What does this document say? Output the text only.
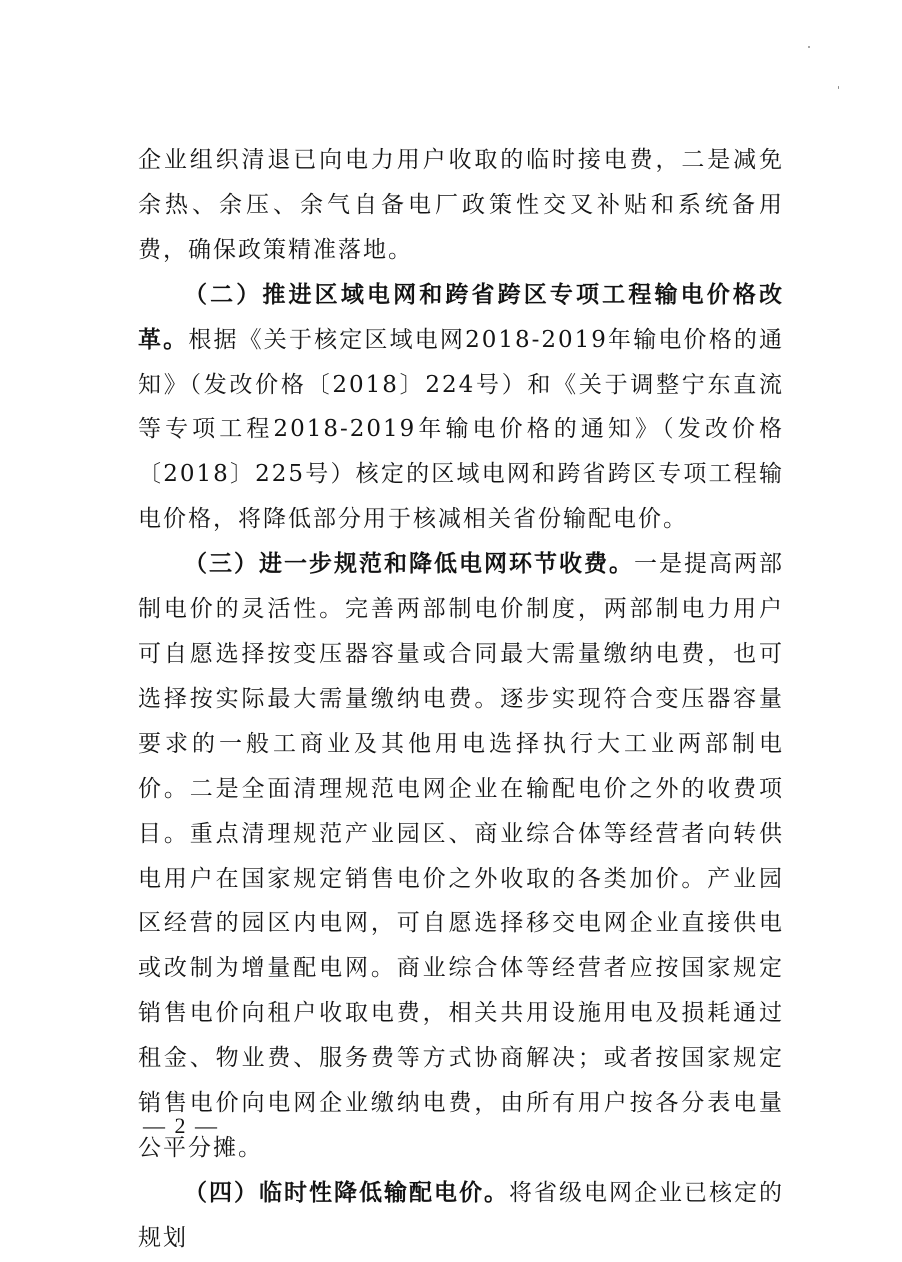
企业组织清退已向电力用户收取的临时接电费，二是减免余热、余压、余气自备电厂政策性交叉补贴和系统备用费，确保政策精准落地。

（二）推进区域电网和跨省跨区专项工程输电价格改革。根据《关于核定区域电网2018-2019年输电价格的通知》（发改价格〔2018〕224号）和《关于调整宁东直流等专项工程2018-2019年输电价格的通知》（发改价格〔2018〕225号）核定的区域电网和跨省跨区专项工程输电价格，将降低部分用于核减相关省份输配电价。

（三）进一步规范和降低电网环节收费。一是提高两部制电价的灵活性。完善两部制电价制度，两部制电力用户可自愿选择按变压器容量或合同最大需量缴纳电费，也可选择按实际最大需量缴纳电费。逐步实现符合变压器容量要求的一般工商业及其他用电选择执行大工业两部制电价。二是全面清理规范电网企业在输配电价之外的收费项目。重点清理规范产业园区、商业综合体等经营者向转供电用户在国家规定销售电价之外收取的各类加价。产业园区经营的园区内电网，可自愿选择移交电网企业直接供电或改制为增量配电网。商业综合体等经营者应按国家规定销售电价向租户收取电费，相关共用设施用电及损耗通过租金、物业费、服务费等方式协商解决；或者按国家规定销售电价向电网企业缴纳电费，由所有用户按各分表电量公平分摊。

（四）临时性降低输配电价。将省级电网企业已核定的规划

— 2 —
